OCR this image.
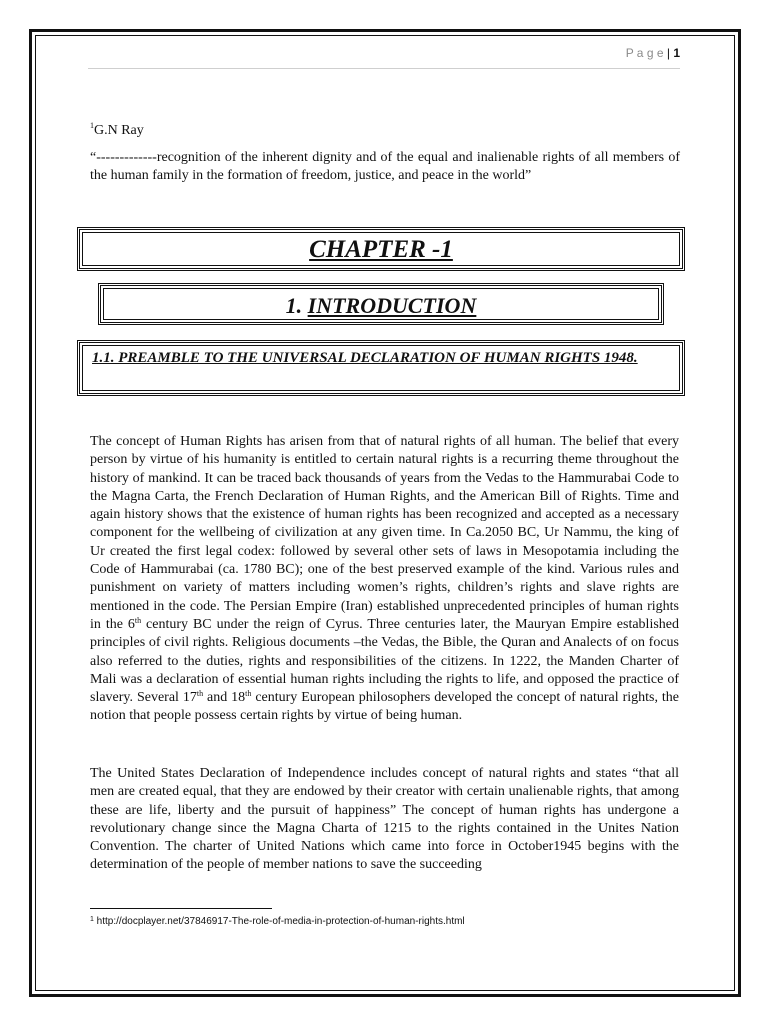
P a g e | 1
$^1$G.N Ray
“-------------recognition of the inherent dignity and of the equal and inalienable rights of all members of the human family in the formation of freedom, justice, and peace in the world”
CHAPTER -1
1. INTRODUCTION
1.1. PREAMBLE TO THE UNIVERSAL DECLARATION OF HUMAN RIGHTS 1948.
The concept of Human Rights has arisen from that of natural rights of all human. The belief that every person by virtue of his humanity is entitled to certain natural rights is a recurring theme throughout the history of mankind. It can be traced back thousands of years from the Vedas to the Hammurabai Code to the Magna Carta, the French Declaration of Human Rights, and the American Bill of Rights. Time and again history shows that the existence of human rights has been recognized and accepted as a necessary component for the wellbeing of civilization at any given time. In Ca.2050 BC, Ur Nammu, the king of Ur created the first legal codex: followed by several other sets of laws in Mesopotamia including the Code of Hammurabai (ca. 1780 BC); one of the best preserved example of the kind. Various rules and punishment on variety of matters including women’s rights, children’s rights and slave rights are mentioned in the code. The Persian Empire (Iran) established unprecedented principles of human rights in the 6th century BC under the reign of Cyrus. Three centuries later, the Mauryan Empire established principles of civil rights. Religious documents –the Vedas, the Bible, the Quran and Analects of on focus also referred to the duties, rights and responsibilities of the citizens. In 1222, the Manden Charter of Mali was a declaration of essential human rights including the rights to life, and opposed the practice of slavery. Several 17th and 18th century European philosophers developed the concept of natural rights, the notion that people possess certain rights by virtue of being human.
The United States Declaration of Independence includes concept of natural rights and states “that all men are created equal, that they are endowed by their creator with certain unalienable rights, that among these are life, liberty and the pursuit of happiness” The concept of human rights has undergone a revolutionary change since the Magna Charta of 1215 to the rights contained in the Unites Nation Convention. The charter of United Nations which came into force in October1945 begins with the determination of the people of member nations to save the succeeding
$^1$ http://docplayer.net/37846917-The-role-of-media-in-protection-of-human-rights.html
